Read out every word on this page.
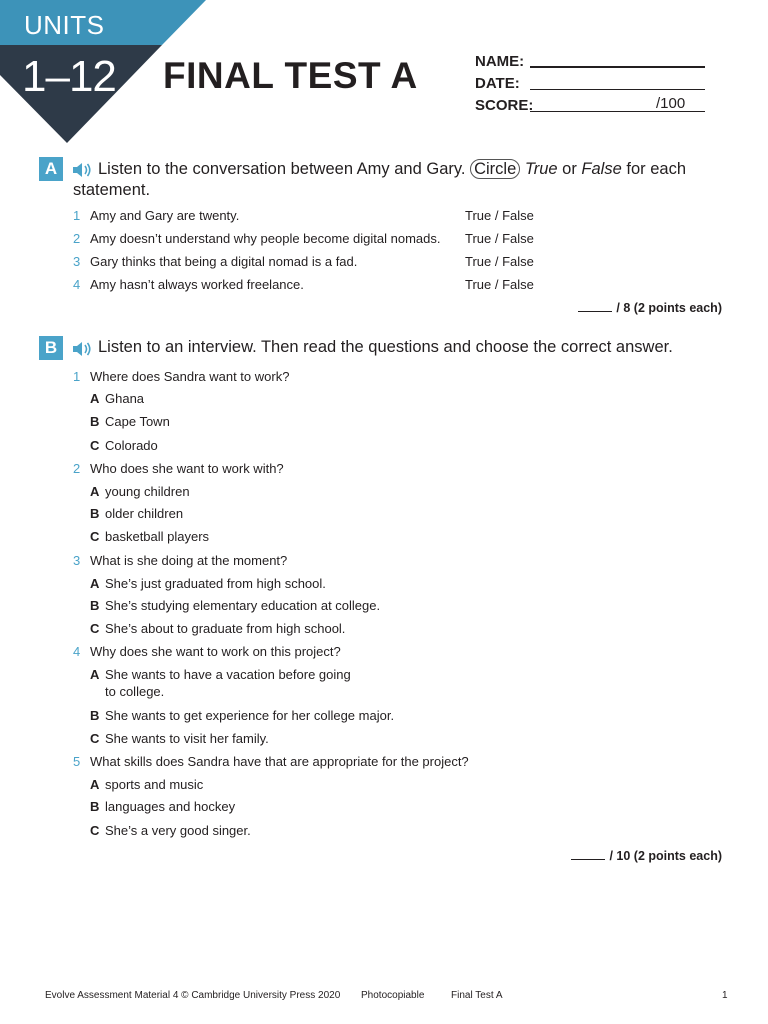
UNITS
1–12 FINAL TEST A	NAME:
DATE:
SCORE:	/100
A	Listen to the conversation between Amy and Gary. Circle True or False for each
statement.
1 Amy and Gary are twenty.	True / False
2 Amy doesn’t understand why people become digital nomads. True / False
3 Gary thinks that being a digital nomad is a fad.	True / False
4 Amy hasn’t always worked freelance.	True / False
/ 8 (2 points each)
B	Listen to an interview. Then read the questions and choose the correct answer.
1 Where does Sandra want to work?
A Ghana
B Cape Town
C Colorado
2 Who does she want to work with?
A young children
B older children
C basketball players
3 What is she doing at the moment?
A She’s just graduated from high school.
B She’s studying elementary education at college.
C She’s about to graduate from high school.
4 Why does she want to work on this project?
A She wants to have a vacation before going
to college.
B She wants to get experience for her college major.
C She wants to visit her family.
5 What skills does Sandra have that are appropriate for the project?
A sports and music
B languages and hockey
C She’s a very good singer.
/ 10 (2 points each)
Evolve Assessment Material 4 © Cambridge University Press 2020 Photocopiable	Final Test A	1
